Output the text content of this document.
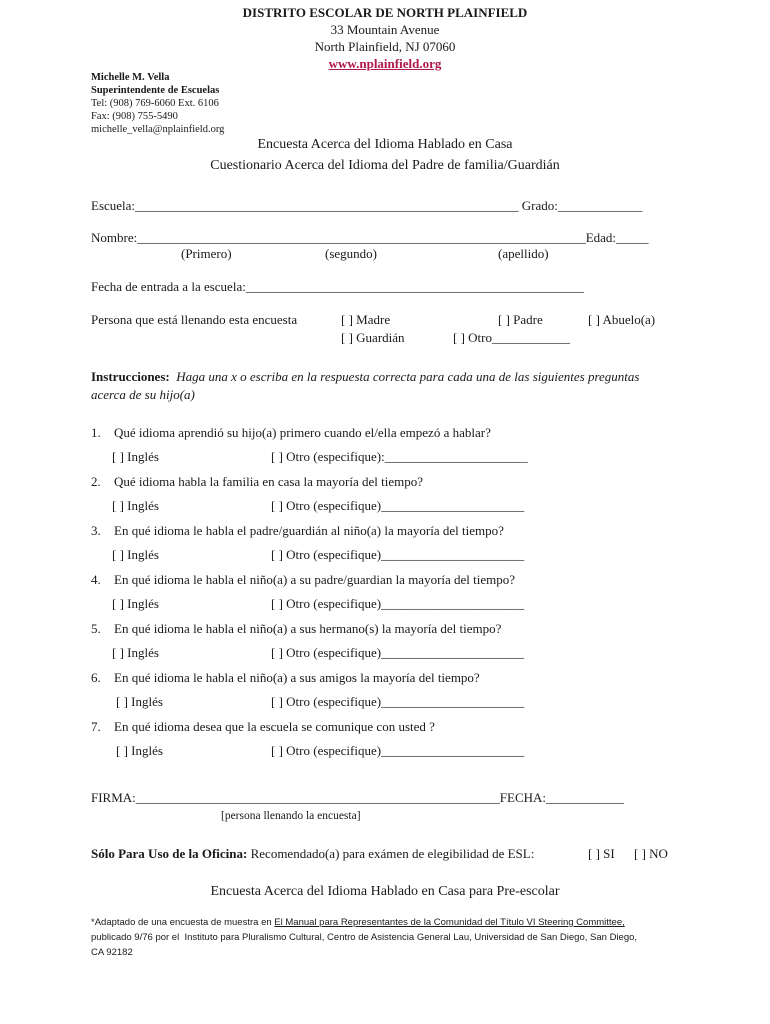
DISTRITO ESCOLAR DE NORTH PLAINFIELD
33 Mountain Avenue
North Plainfield, NJ 07060
www.nplainfield.org
Michelle M. Vella
Superintendente de Escuelas
Tel: (908) 769-6060 Ext. 6106
Fax: (908) 755-5490
michelle_vella@nplainfield.org
Encuesta Acerca del Idioma Hablado en Casa
Cuestionario Acerca del Idioma del Padre de familia/Guardián
Escuela:___________________________________________________________ Grado:_____________
Nombre:_____________________________________________________________________Edad:_____
(Primero)	(segundo)	(apellido)
Fecha de entrada a la escuela:____________________________________________________
Persona que está llenando esta encuesta	[ ] Madre	[ ] Padre	[ ] Abuelo(a)
[ ] Guardián	[ ] Otro____________
Instrucciones: Haga una x o escriba en la respuesta correcta para cada una de las siguientes preguntas
acerca de su hijo(a)
1. Qué idioma aprendió su hijo(a) primero cuando el/ella empezó a hablar?
[ ] Inglés	[ ] Otro (especifique):______________________
2. Qué idioma habla la familia en casa la mayoría del tiempo?
[ ] Inglés	[ ] Otro (especifique)______________________
3. En qué idioma le habla el padre/guardián al niño(a) la mayoría del tiempo?
[ ] Inglés	[ ] Otro (especifique)______________________
4. En qué idioma le habla el niño(a) a su padre/guardian la mayoría del tiempo?
[ ] Inglés	[ ] Otro (especifique)______________________
5. En qué idioma le habla el niño(a) a sus hermano(s) la mayoría del tiempo?
[ ] Inglés	[ ] Otro (especifique)______________________
6. En qué idioma le habla el niño(a) a sus amigos la mayoría del tiempo?
[ ] Inglés	[ ] Otro (especifique)______________________
7. En qué idioma desea que la escuela se comunique con usted ?
[ ] Inglés	[ ] Otro (especifique)______________________
FIRMA:________________________________________________________FECHA:____________
[persona llenando la encuesta]
Sólo Para Uso de la Oficina: Recomendado(a) para exámen de elegibilidad de ESL:	[ ] SI [ ] NO
Encuesta Acerca del Idioma Hablado en Casa para Pre-escolar
*Adaptado de una encuesta de muestra en El Manual para Representantes de la Comunidad del Título VI Steering Committee,
publicado 9/76 por el  Instituto para Pluralismo Cultural, Centro de Asistencia General Lau, Universidad de San Diego, San Diego,
CA 92182
